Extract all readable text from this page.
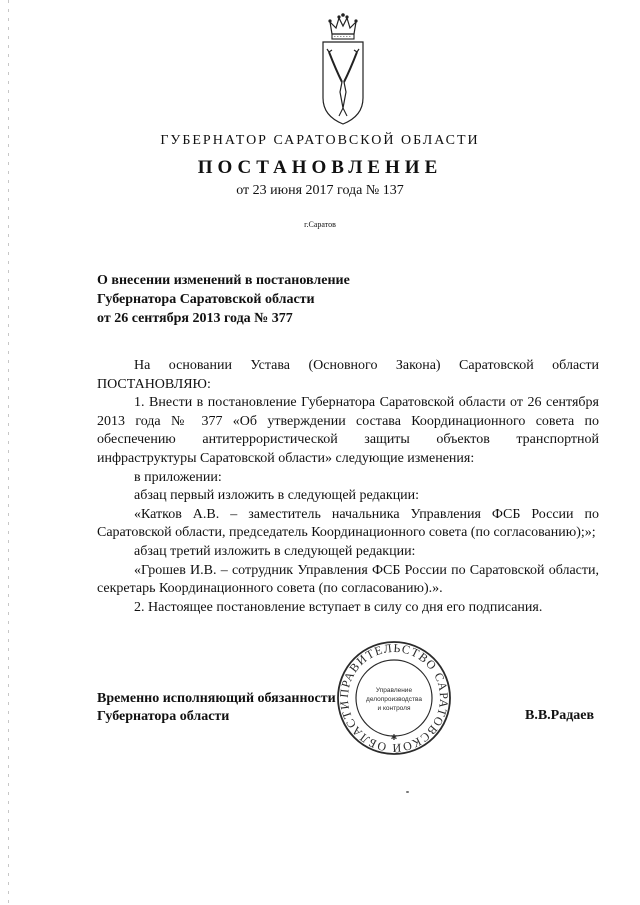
ГУБЕРНАТОР САРАТОВСКОЙ ОБЛАСТИ
ПОСТАНОВЛЕНИЕ
от 23 июня 2017 года № 137
г.Саратов
О внесении изменений в постановление
Губернатора Саратовской области
от 26 сентября 2013 года № 377

На основании Устава (Основного Закона) Саратовской области ПОСТАНОВЛЯЮ:

1. Внести в постановление Губернатора Саратовской области от 26 сентября 2013 года № 377 «Об утверждении состава Координационного совета по обеспечению антитеррористической защиты объектов транспортной инфраструктуры Саратовской области» следующие изменения:

в приложении:

абзац первый изложить в следующей редакции:

«Катков А.В. – заместитель начальника Управления ФСБ России по Саратовской области, председатель Координационного совета (по согласованию);»;

абзац третий изложить в следующей редакции:

«Грошев И.В. – сотрудник Управления ФСБ России по Саратовской области, секретарь Координационного совета (по согласованию).».

2. Настоящее постановление вступает в силу со дня его подписания.

Временно исполняющий обязанности
Губернатора области	В.В.Радаев
ПРАВИТЕЛЬСТВО САРАТОВСКОЙ ОБЛАСТИ
Управление
делопроизводства
и контроля
✱
